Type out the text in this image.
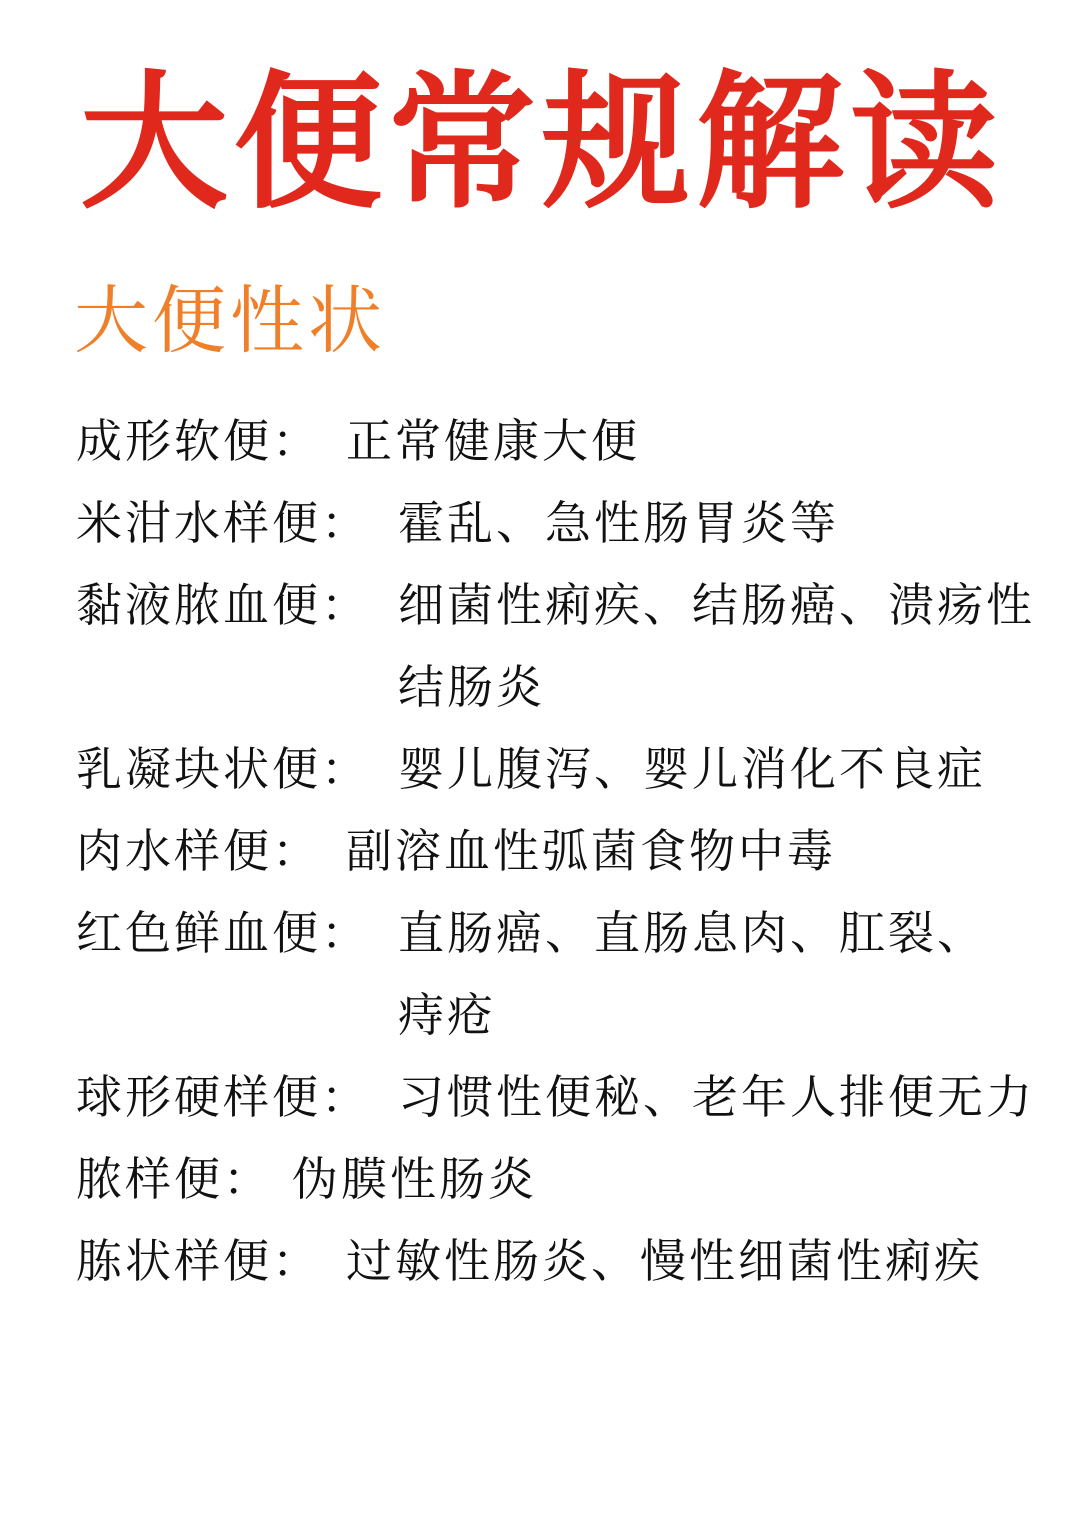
大便常规解读
大便性状
成形软便： 正常健康大便
米泔水样便： 霍乱、急性肠胃炎等
黏液脓血便： 细菌性痢疾、结肠癌、溃疡性结肠炎
乳凝块状便： 婴儿腹泻、婴儿消化不良症
肉水样便： 副溶血性弧菌食物中毒
红色鲜血便： 直肠癌、直肠息肉、肛裂、痔疮
球形硬样便： 习惯性便秘、老年人排便无力
脓样便： 伪膜性肠炎
胨状样便： 过敏性肠炎、慢性细菌性痢疾
